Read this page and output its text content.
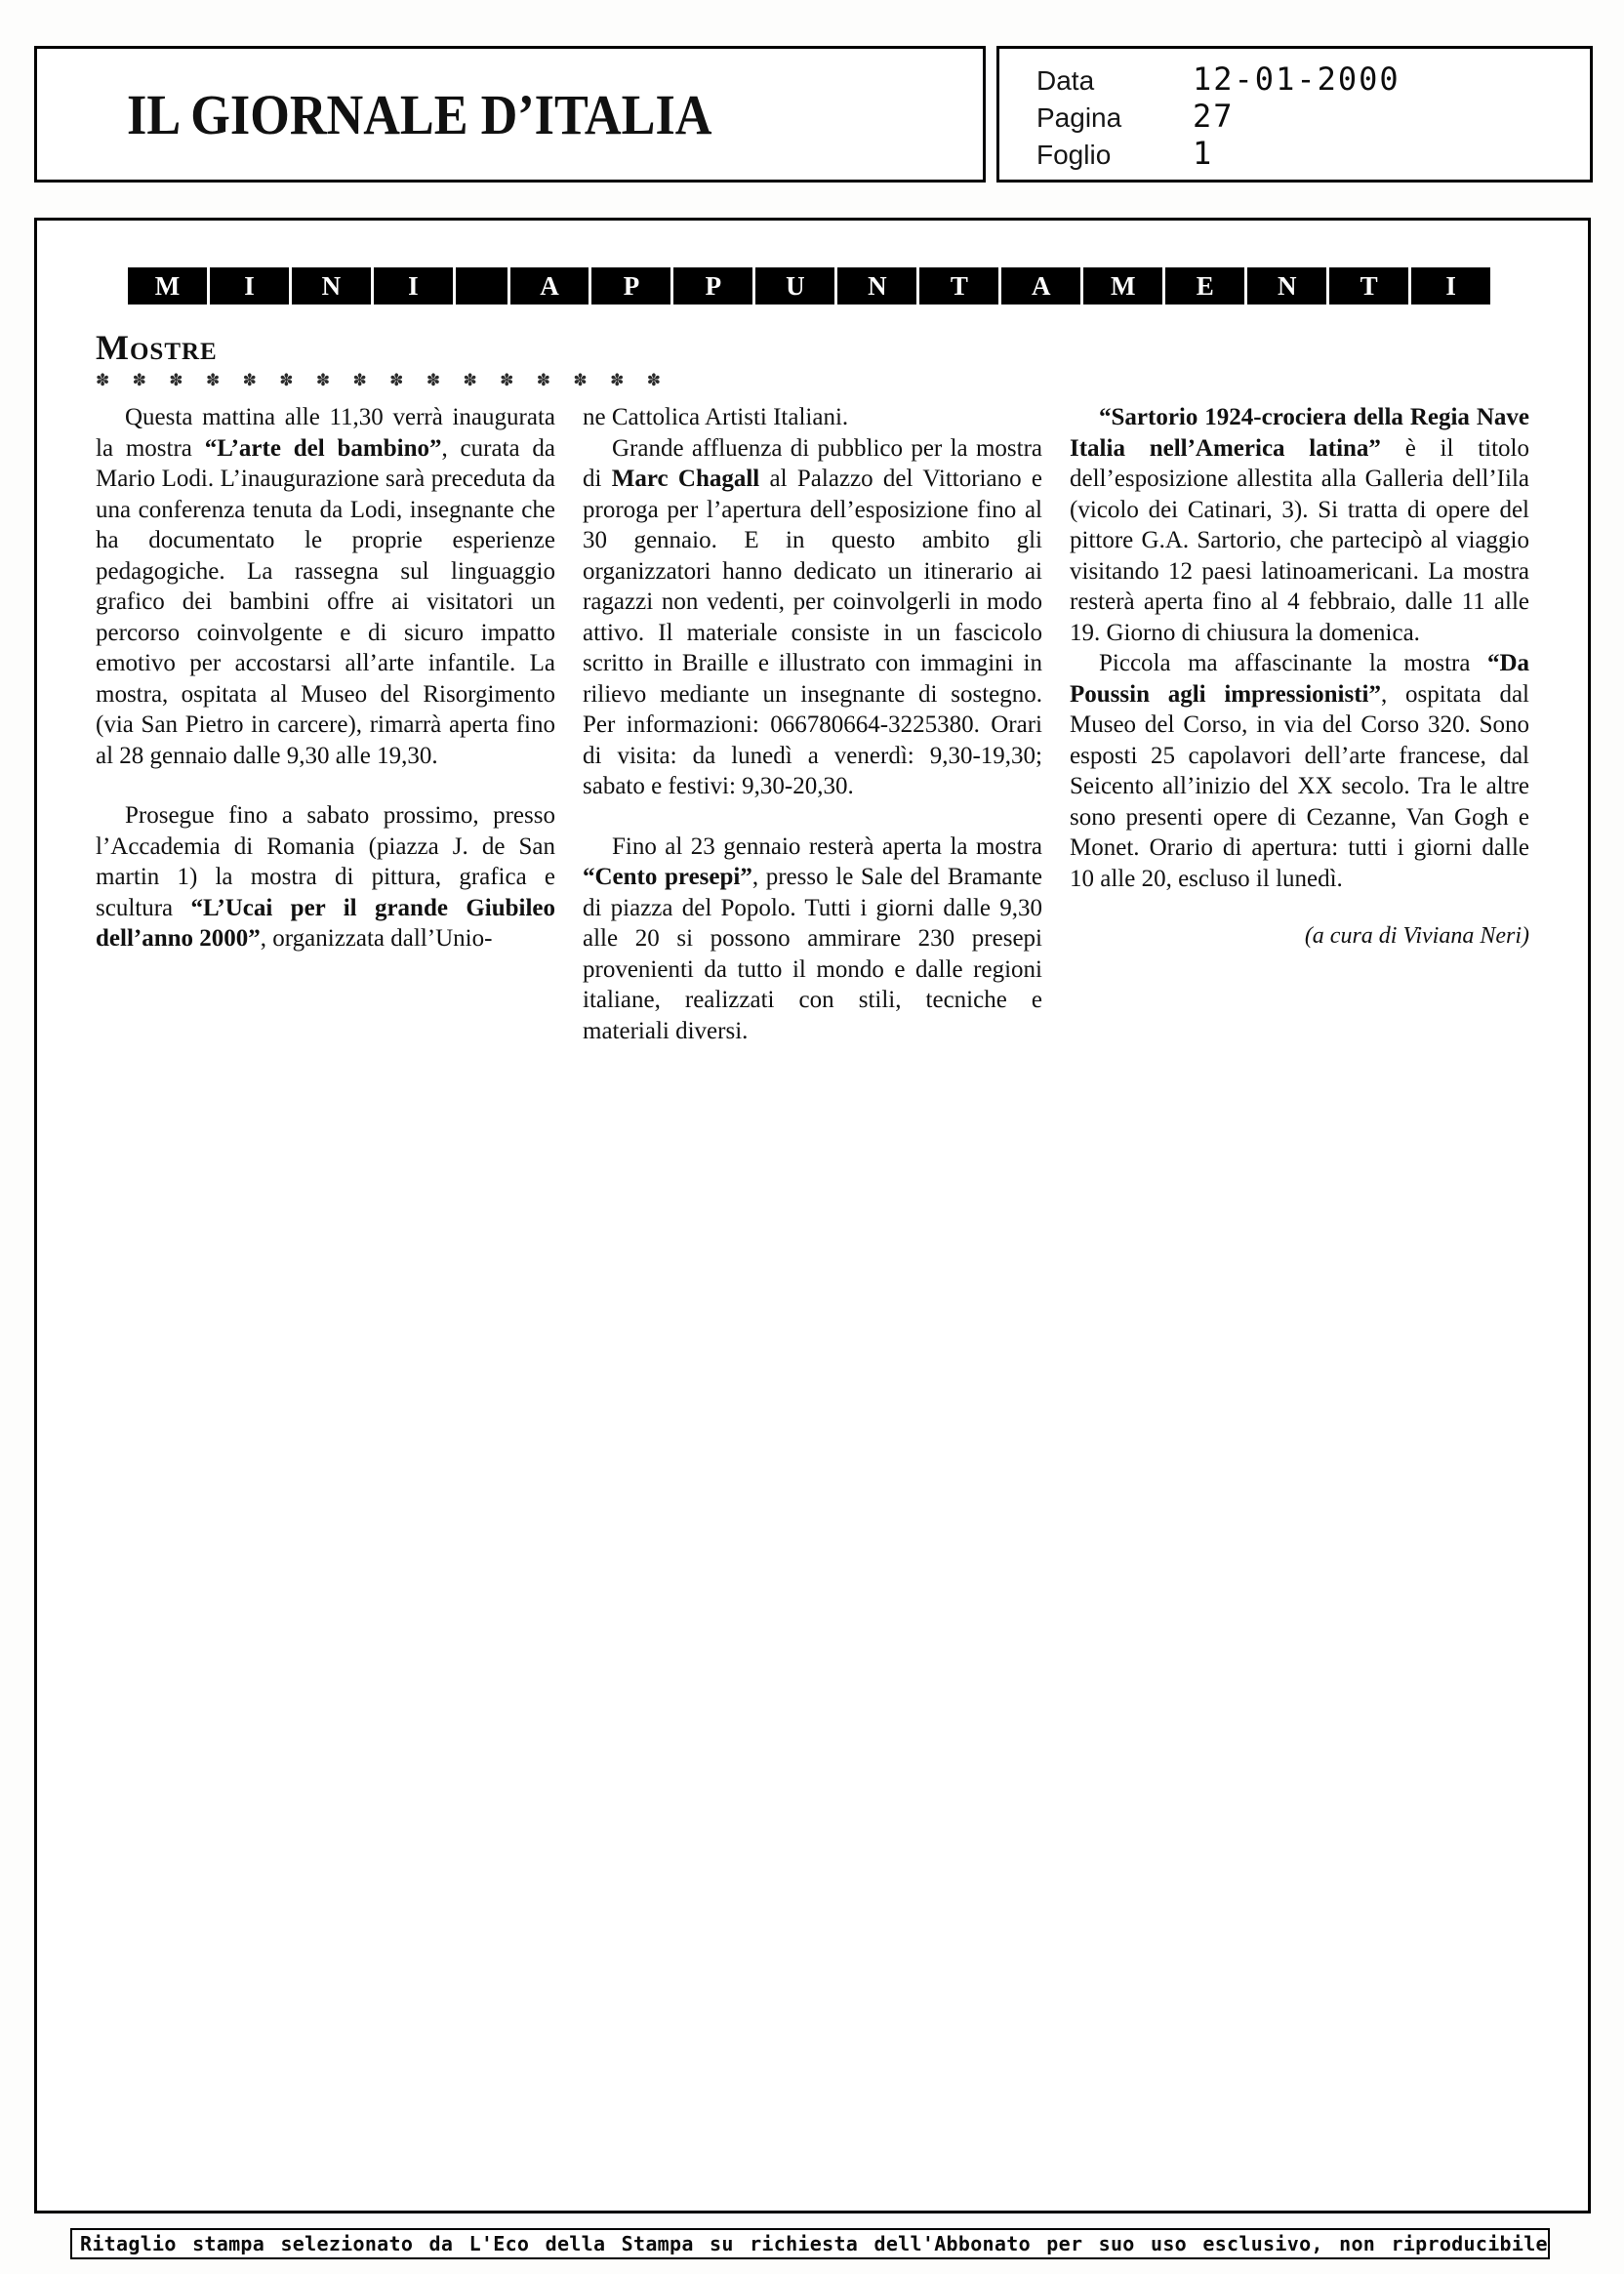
IL GIORNALE D’ITALIA
Data	12-01-2000
Pagina	27
Foglio	1
M	I	N	I	A	P	P	U	N	T	A	M	E	N	T	I
Mostre
✽ ✽ ✽ ✽ ✽ ✽ ✽ ✽ ✽ ✽ ✽ ✽ ✽ ✽ ✽ ✽

Questa mattina alle 11,30 verrà inaugurata la mostra “L’arte del bambino”, curata da Mario Lodi. L’inaugurazione sarà preceduta da una conferenza tenuta da Lodi, insegnante che ha documentato le proprie esperienze pedagogiche. La rassegna sul linguaggio grafico dei bambini offre ai visitatori un percorso coinvolgente e di sicuro impatto emotivo per accostarsi all’arte infantile. La mostra, ospitata al Museo del Risorgimento (via San Pietro in carcere), rimarrà aperta fino al 28 gennaio dalle 9,30 alle 19,30.

Prosegue fino a sabato prossimo, presso l’Accademia di Romania (piazza J. de San martin 1) la mostra di pittura, grafica e scultura “L’Ucai per il grande Giubileo dell’anno 2000”, organizzata dall’Unio-

ne Cattolica Artisti Italiani.

Grande affluenza di pubblico per la mostra di Marc Chagall al Palazzo del Vittoriano e proroga per l’apertura dell’esposizione fino al 30 gennaio. E in questo ambito gli organizzatori hanno dedicato un itinerario ai ragazzi non vedenti, per coinvolgerli in modo attivo. Il materiale consiste in un fascicolo scritto in Braille e illustrato con immagini in rilievo mediante un insegnante di sostegno. Per informazioni: 066780664-3225380. Orari di visita: da lunedì a venerdì: 9,30-19,30; sabato e festivi: 9,30-20,30.

Fino al 23 gennaio resterà aperta la mostra “Cento presepi”, presso le Sale del Bramante di piazza del Popolo. Tutti i giorni dalle 9,30 alle 20 si possono ammirare 230 presepi provenienti da tutto il mondo e dalle regioni italiane, realizzati con stili, tecniche e materiali diversi.

“Sartorio 1924-crociera della Regia Nave Italia nell’America latina” è il titolo dell’esposizione allestita alla Galleria dell’Iila (vicolo dei Catinari, 3). Si tratta di opere del pittore G.A. Sartorio, che partecipò al viaggio visitando 12 paesi latinoamericani. La mostra resterà aperta fino al 4 febbraio, dalle 11 alle 19. Giorno di chiusura la domenica.

Piccola ma affascinante la mostra “Da Poussin agli impressionisti”, ospitata dal Museo del Corso, in via del Corso 320. Sono esposti 25 capolavori dell’arte francese, dal Seicento all’inizio del XX secolo. Tra le altre sono presenti opere di Cezanne, Van Gogh e Monet. Orario di apertura: tutti i giorni dalle 10 alle 20, escluso il lunedì.

(a cura di Viviana Neri)

Ritaglio stampa selezionato da L'Eco della Stampa su richiesta dell'Abbonato per suo uso esclusivo, non riproducibile
